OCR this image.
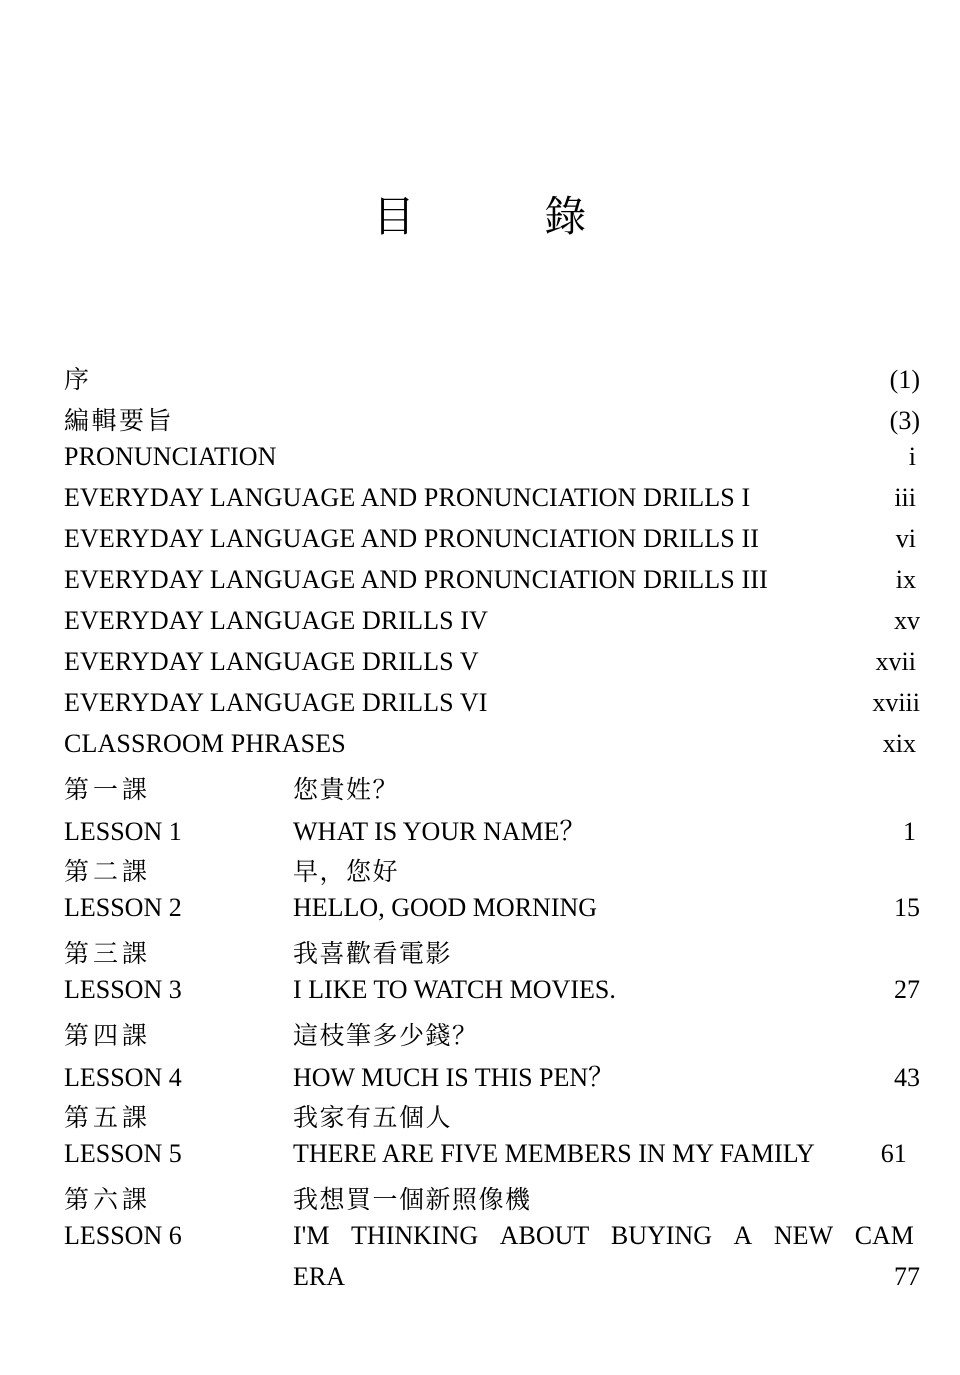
目　　　錄
序 ·····	(1)
編輯要旨 ·····	(3)
PRONUNCIATION ·····	i
EVERYDAY LANGUAGE AND PRONUNCIATION DRILLS I ·····	iii
EVERYDAY LANGUAGE AND PRONUNCIATION DRILLS II ·····	vi
EVERYDAY LANGUAGE AND PRONUNCIATION DRILLS III ·····	ix
EVERYDAY LANGUAGE DRILLS IV ·····	xv
EVERYDAY LANGUAGE DRILLS V ·····	xvii
EVERYDAY LANGUAGE DRILLS VI ·····	xviii
CLASSROOM PHRASES ·····	xix
第一課	您貴姓？
LESSON 1	WHAT IS YOUR NAME？ ·····	1
第二課	早，您好
LESSON 2	HELLO, GOOD MORNING ·····	15
第三課	我喜歡看電影
LESSON 3	I LIKE TO WATCH MOVIES. ·····	27
第四課	這枝筆多少錢？
LESSON 4	HOW MUCH IS THIS PEN？ ·····	43
第五課	我家有五個人
LESSON 5	THERE ARE FIVE MEMBERS IN MY FAMILY ·····	61
第六課	我想買一個新照像機
LESSON 6	I'M THINKING ABOUT BUYING A NEW CAM
ERA ·····	77
